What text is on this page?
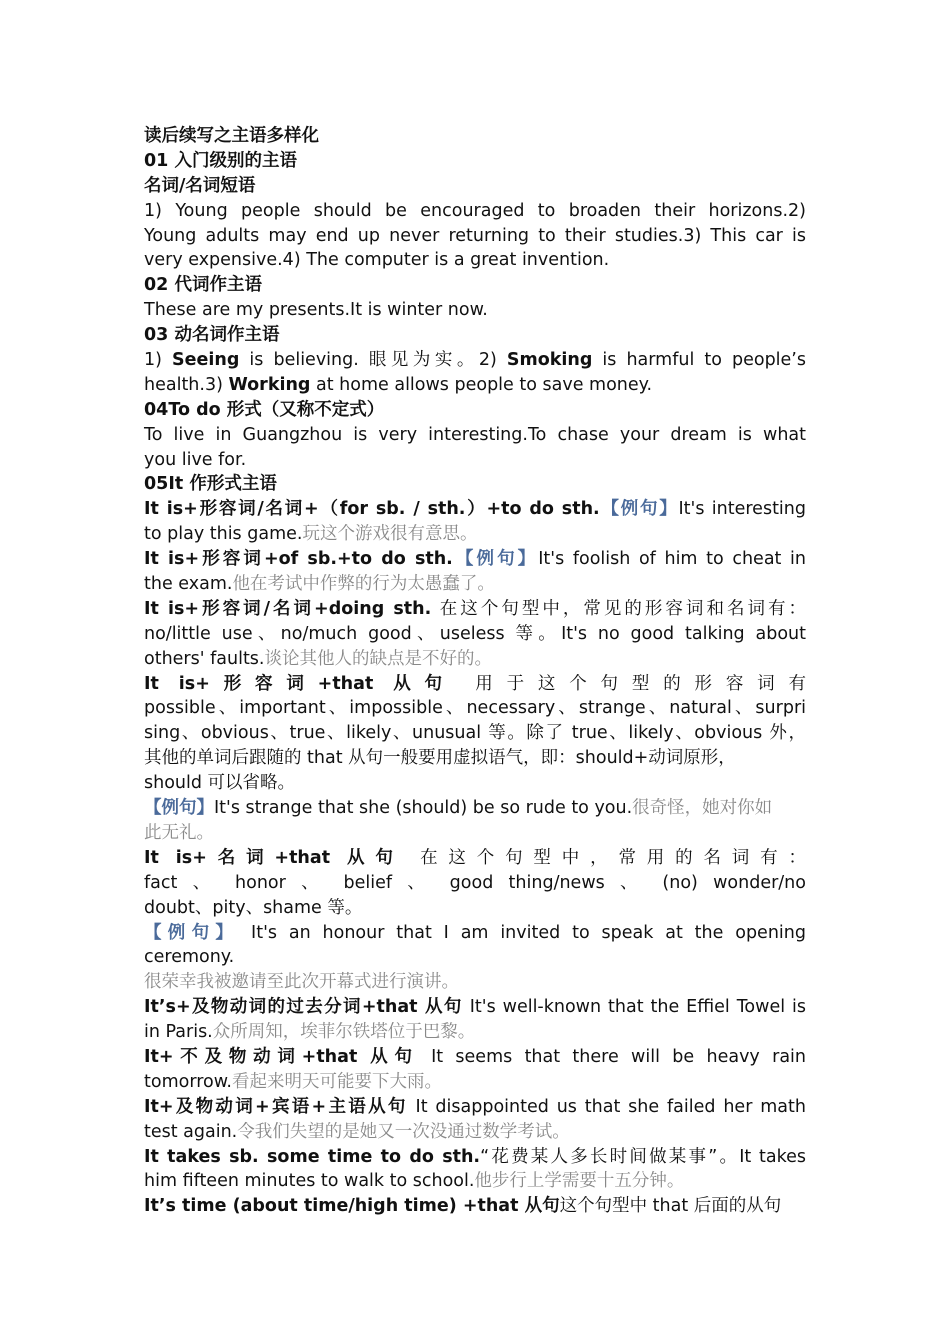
读后续写之主语多样化
01 入门级别的主语
名词/名词短语
1) Young people should be encouraged to broaden their horizons.2)
Young adults may end up never returning to their studies.3) This car is
very expensive.4) The computer is a great invention.
02 代词作主语
These are my presents.It is winter now.
03 动名词作主语
1) Seeing is believing. 眼见为实。2) Smoking is harmful to people’s
health.3) Working at home allows people to save money.
04To do 形式（又称不定式）
To live in Guangzhou is very interesting.To chase your dream is what
you live for.
05It 作形式主语
It is+形容词/名词+（for sb. / sth.）+to do sth.【例句】It's interesting
to play this game.玩这个游戏很有意思。
It is+形容词+of sb.+to do sth.【例句】It's foolish of him to cheat in
the exam.他在考试中作弊的行为太愚蠢了。
It is+形容词/名词+doing sth. 在这个句型中，常见的形容词和名词有：
no/little use、no/much good、useless 等。It's no good talking about
others' faults.谈论其他人的缺点是不好的。
It is+形容词+that 从句 用于这个句型的形容词有
possible、important、impossible、necessary、strange、natural、surpri
sing、obvious、true、likely、unusual 等。除了 true、likely、obvious 外，
其他的单词后跟随的 that 从句一般要用虚拟语气，即：should+动词原形，
should 可以省略。
【例句】It's strange that she (should) be so rude to you.很奇怪，她对你如
此无礼。
It is+名词+that 从句 在这个句型中，常用的名词有：
fact 、 honor 、 belief 、 good thing/news 、 (no) wonder/no
doubt、pity、shame 等。
【例句】 It's an honour that I am invited to speak at the opening
ceremony.
很荣幸我被邀请至此次开幕式进行演讲。
It’s+及物动词的过去分词+that 从句 It's well-known that the Effiel Towel is
in Paris.众所周知，埃菲尔铁塔位于巴黎。
It+不及物动词+that 从句 It seems that there will be heavy rain
tomorrow.看起来明天可能要下大雨。
It+及物动词+宾语+主语从句 It disappointed us that she failed her math
test again.令我们失望的是她又一次没通过数学考试。
It takes sb. some time to do sth.“花费某人多长时间做某事”。It takes
him fifteen minutes to walk to school.他步行上学需要十五分钟。
It’s time (about time/high time) +that 从句这个句型中 that 后面的从句
